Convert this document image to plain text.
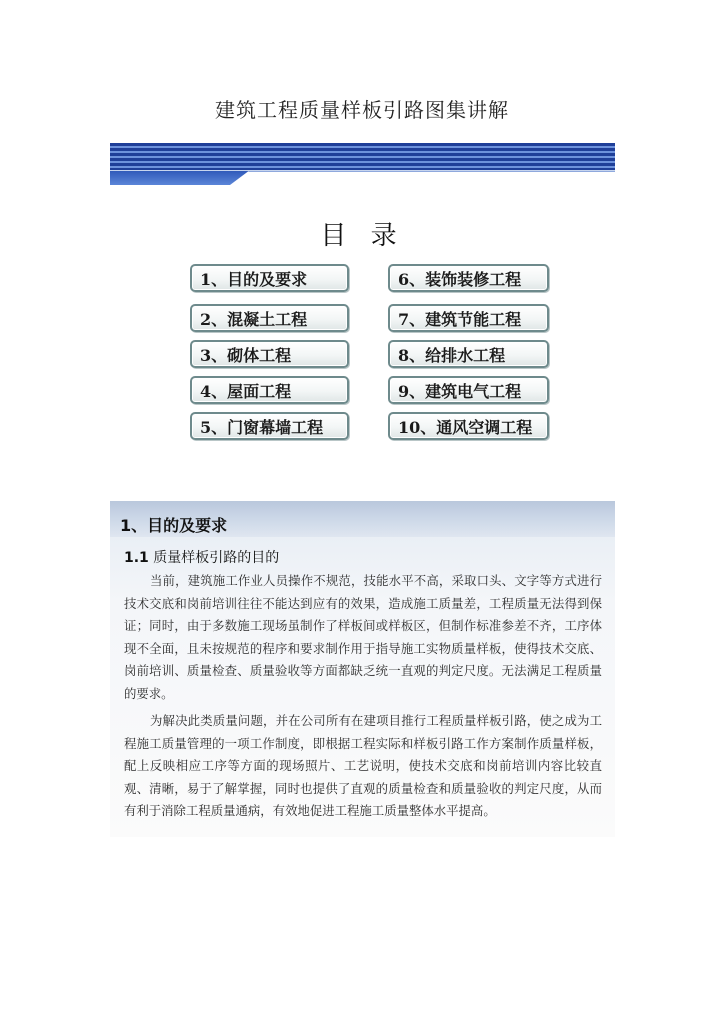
建筑工程质量样板引路图集讲解
目 录
1、目的及要求
2、混凝土工程
3、砌体工程
4、屋面工程
5、门窗幕墙工程
6、装饰装修工程
7、建筑节能工程
8、给排水工程
9、建筑电气工程
10、通风空调工程
1、目的及要求
1.1 质量样板引路的目的

当前，建筑施工作业人员操作不规范，技能水平不高，采取口头、文字等方式进行技术交底和岗前培训往往不能达到应有的效果，造成施工质量差，工程质量无法得到保证；同时，由于多数施工现场虽制作了样板间或样板区，但制作标准参差不齐，工序体现不全面，且未按规范的程序和要求制作用于指导施工实物质量样板，使得技术交底、岗前培训、质量检查、质量验收等方面都缺乏统一直观的判定尺度。无法满足工程质量的要求。

为解决此类质量问题，并在公司所有在建项目推行工程质量样板引路，使之成为工程施工质量管理的一项工作制度，即根据工程实际和样板引路工作方案制作质量样板，配上反映相应工序等方面的现场照片、工艺说明，使技术交底和岗前培训内容比较直观、清晰，易于了解掌握，同时也提供了直观的质量检查和质量验收的判定尺度，从而有利于消除工程质量通病，有效地促进工程施工质量整体水平提高。
